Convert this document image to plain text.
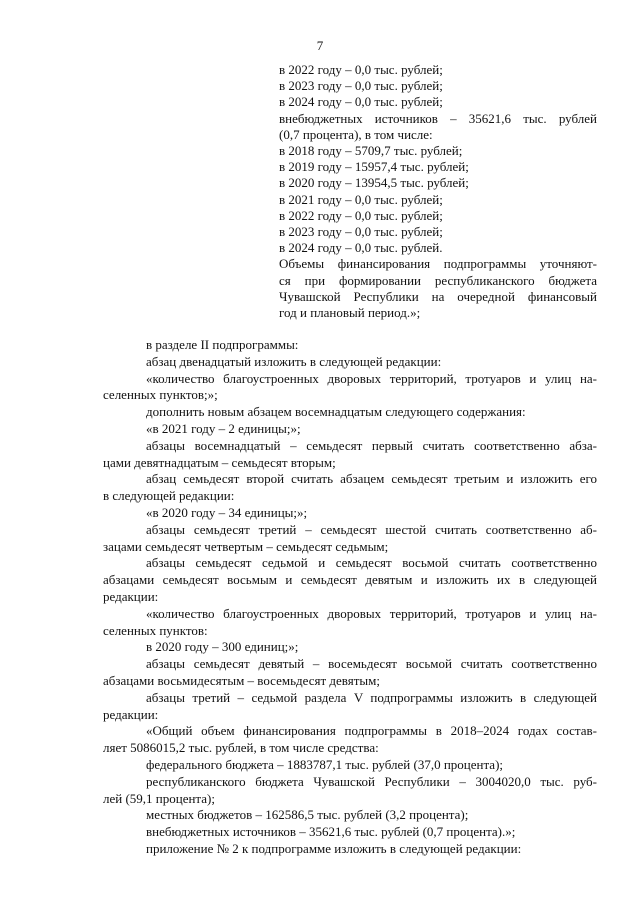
7
в 2022 году – 0,0 тыс. рублей;
в 2023 году – 0,0 тыс. рублей;
в 2024 году – 0,0 тыс. рублей;
внебюджетных источников – 35621,6 тыс. рублей
(0,7 процента), в том числе:
в 2018 году – 5709,7 тыс. рублей;
в 2019 году – 15957,4 тыс. рублей;
в 2020 году – 13954,5 тыс. рублей;
в 2021 году – 0,0 тыс. рублей;
в 2022 году – 0,0 тыс. рублей;
в 2023 году – 0,0 тыс. рублей;
в 2024 году – 0,0 тыс. рублей.
Объемы финансирования подпрограммы уточняют-
ся при формировании республиканского бюджета
Чувашской Республики на очередной финансовый
год и плановый период.»;
в разделе II подпрограммы:
абзац двенадцатый изложить в следующей редакции:
«количество благоустроенных дворовых территорий, тротуаров и улиц на-
селенных пунктов;»;
дополнить новым абзацем восемнадцатым следующего содержания:
«в 2021 году – 2 единицы;»;
абзацы восемнадцатый – семьдесят первый считать соответственно абза-
цами девятнадцатым – семьдесят вторым;
абзац семьдесят второй считать абзацем семьдесят третьим и изложить его
в следующей редакции:
«в 2020 году – 34 единицы;»;
абзацы семьдесят третий – семьдесят шестой считать соответственно аб-
зацами семьдесят четвертым – семьдесят седьмым;
абзацы семьдесят седьмой и семьдесят восьмой считать соответственно
абзацами семьдесят восьмым и семьдесят девятым и изложить их в следующей
редакции:
«количество благоустроенных дворовых территорий, тротуаров и улиц на-
селенных пунктов:
в 2020 году – 300 единиц;»;
абзацы семьдесят девятый – восемьдесят восьмой считать соответственно
абзацами восьмидесятым – восемьдесят девятым;
абзацы третий – седьмой раздела V подпрограммы изложить в следующей
редакции:
«Общий объем финансирования подпрограммы в 2018–2024 годах состав-
ляет 5086015,2 тыс. рублей, в том числе средства:
федерального бюджета – 1883787,1 тыс. рублей (37,0 процента);
республиканского бюджета Чувашской Республики – 3004020,0 тыс. руб-
лей (59,1 процента);
местных бюджетов – 162586,5 тыс. рублей (3,2 процента);
внебюджетных источников – 35621,6 тыс. рублей (0,7 процента).»;
приложение № 2 к подпрограмме изложить в следующей редакции:
